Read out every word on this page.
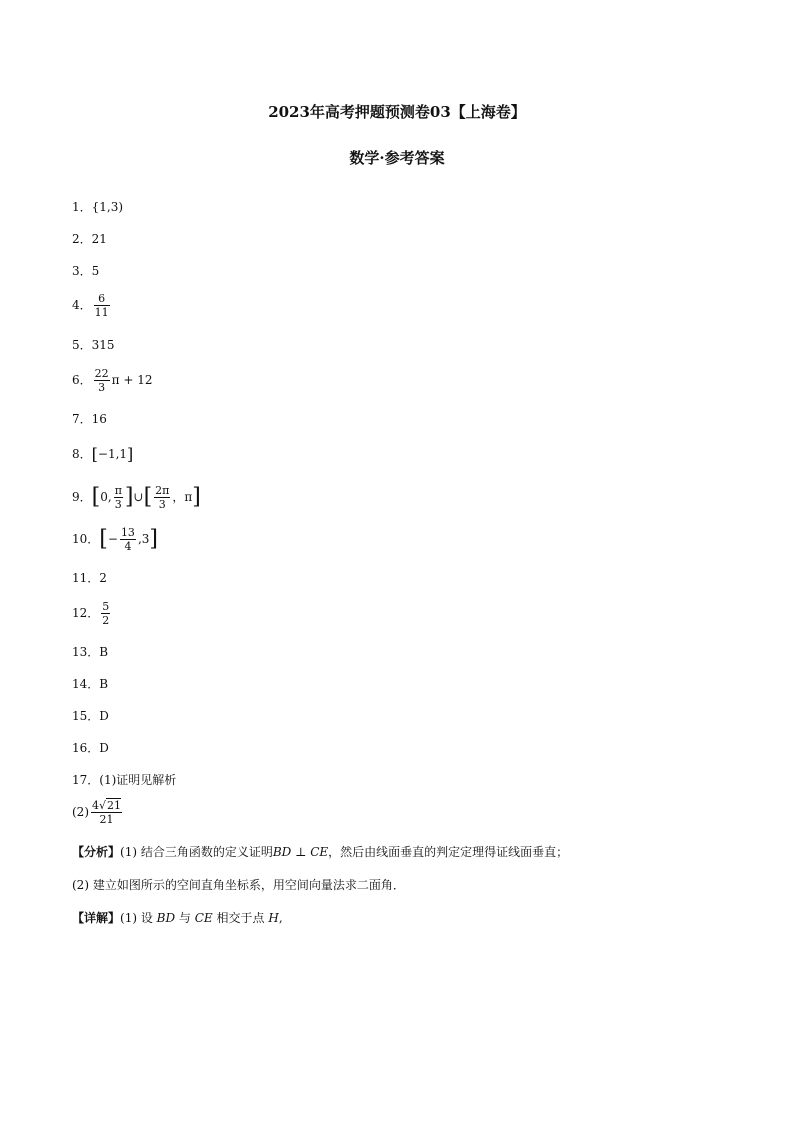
2023年高考押题预测卷03【上海卷】
数学·参考答案
1．{1,3)
2．21
3．5
4． $\frac{6}{11}$
5．315
6． $\frac{22}{3}$ π + 12
7．16
8．[−1,1]
9．[0, $\frac{\pi}{3}$ ]∪[ $\frac{2\pi}{3}$ ，π]
10．[− $\frac{13}{4} ,3$]
11．2
12． $\frac{5}{2}$
13．B
14．B
15．D
16．D
17．(1)证明见解析
$(2) \frac{4√21}{21}$
【分析】(1) 结合三角函数的定义证明BD ⊥ CE，然后由线面垂直的判定定理得证线面垂直；
(2) 建立如图所示的空间直角坐标系，用空间向量法求二面角．
【详解】(1) 设 BD 与 CE 相交于点 H,
